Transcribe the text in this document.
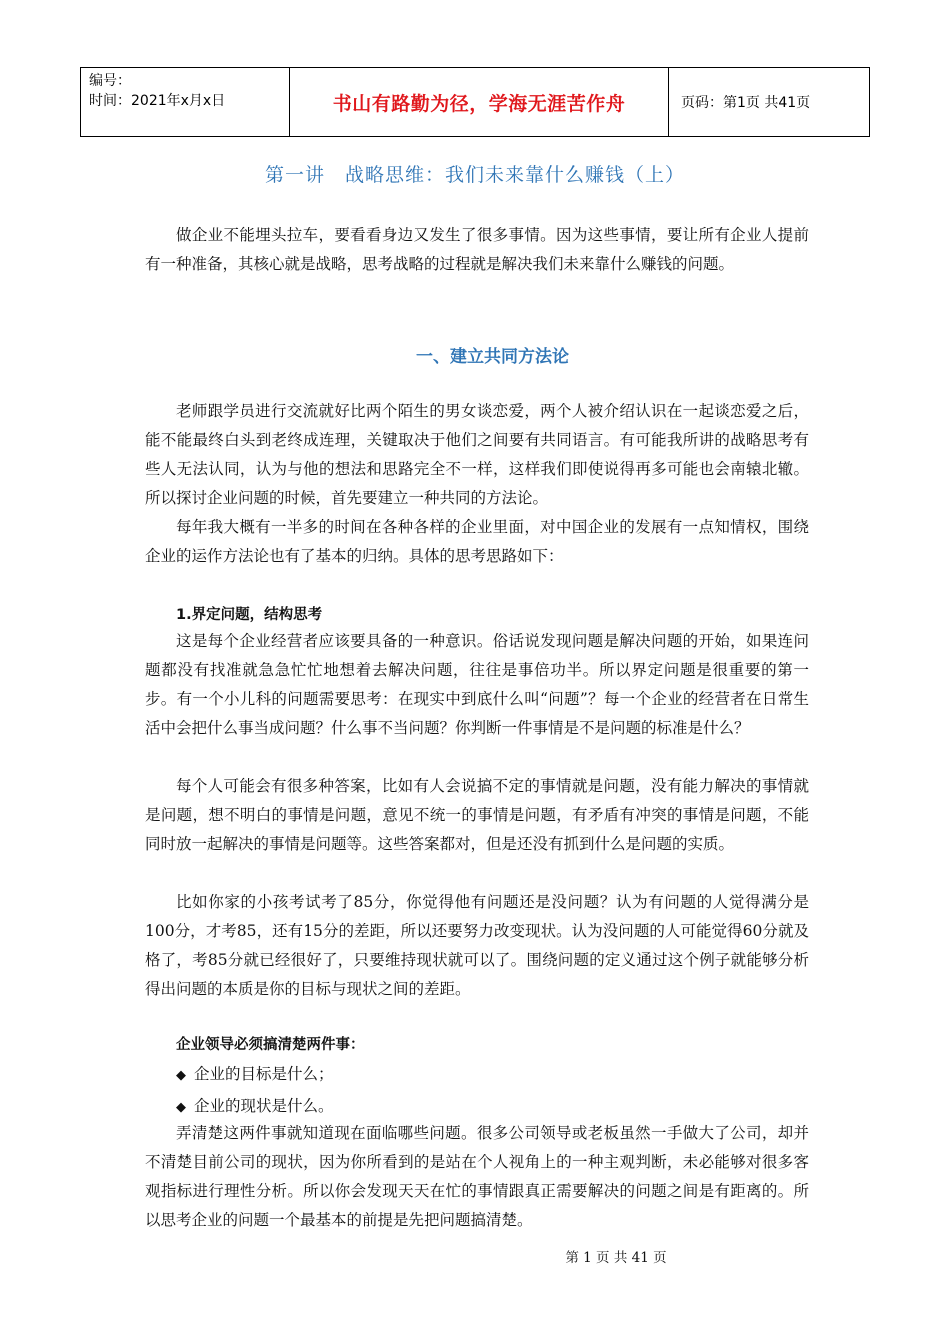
编号：
时间：2021年x月x日	书山有路勤为径，学海无涯苦作舟	页码：第1页 共41页
第一讲　战略思维：我们未来靠什么赚钱（上）

做企业不能埋头拉车，要看看身边又发生了很多事情。因为这些事情，要让所有企业人提前有一种准备，其核心就是战略，思考战略的过程就是解决我们未来靠什么赚钱的问题。

一、建立共同方法论

老师跟学员进行交流就好比两个陌生的男女谈恋爱，两个人被介绍认识在一起谈恋爱之后，能不能最终白头到老终成连理，关键取决于他们之间要有共同语言。有可能我所讲的战略思考有些人无法认同，认为与他的想法和思路完全不一样，这样我们即使说得再多可能也会南辕北辙。所以探讨企业问题的时候，首先要建立一种共同的方法论。

每年我大概有一半多的时间在各种各样的企业里面，对中国企业的发展有一点知情权，围绕企业的运作方法论也有了基本的归纳。具体的思考思路如下：

1.界定问题，结构思考

这是每个企业经营者应该要具备的一种意识。俗话说发现问题是解决问题的开始，如果连问题都没有找准就急急忙忙地想着去解决问题，往往是事倍功半。所以界定问题是很重要的第一步。有一个小儿科的问题需要思考：在现实中到底什么叫“问题”？每一个企业的经营者在日常生活中会把什么事当成问题？什么事不当问题？你判断一件事情是不是问题的标准是什么？

每个人可能会有很多种答案，比如有人会说搞不定的事情就是问题，没有能力解决的事情就是问题，想不明白的事情是问题，意见不统一的事情是问题，有矛盾有冲突的事情是问题，不能同时放一起解决的事情是问题等。这些答案都对，但是还没有抓到什么是问题的实质。

比如你家的小孩考试考了85分，你觉得他有问题还是没问题？认为有问题的人觉得满分是100分，才考85，还有15分的差距，所以还要努力改变现状。认为没问题的人可能觉得60分就及格了，考85分就已经很好了，只要维持现状就可以了。围绕问题的定义通过这个例子就能够分析得出问题的本质是你的目标与现状之间的差距。

企业领导必须搞清楚两件事：
◆ 企业的目标是什么；
◆ 企业的现状是什么。

弄清楚这两件事就知道现在面临哪些问题。很多公司领导或老板虽然一手做大了公司，却并不清楚目前公司的现状，因为你所看到的是站在个人视角上的一种主观判断，未必能够对很多客观指标进行理性分析。所以你会发现天天在忙的事情跟真正需要解决的问题之间是有距离的。所以思考企业的问题一个最基本的前提是先把问题搞清楚。

第 1 页 共 41 页
